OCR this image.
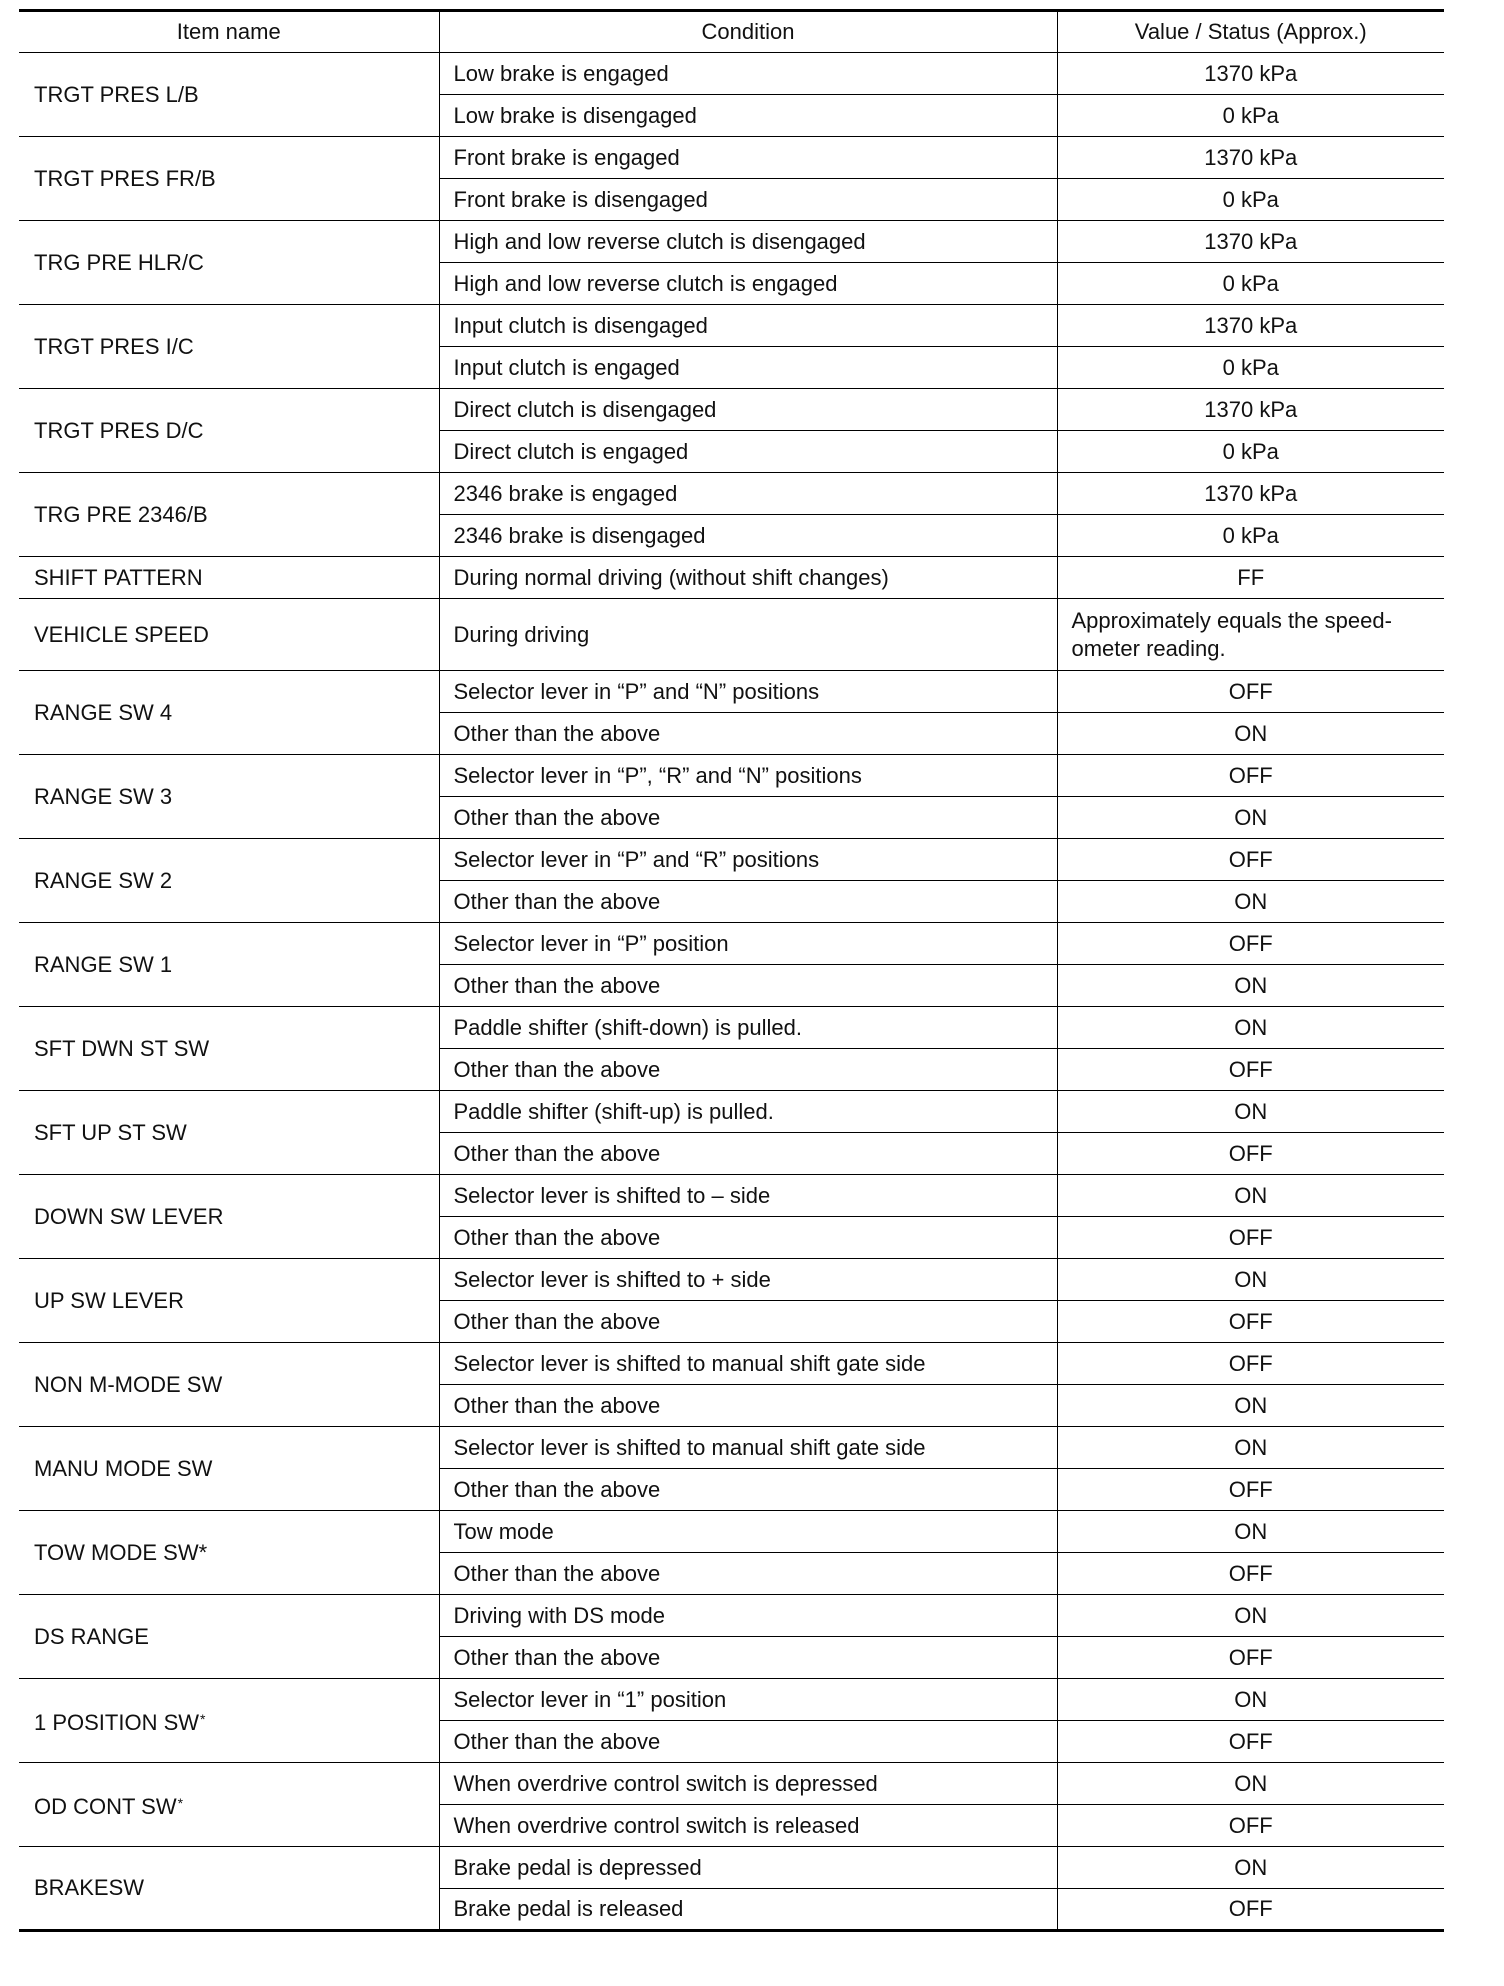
Item name	Condition	Value / Status (Approx.)
TRGT PRES L/B	Low brake is engaged	1370 kPa
	Low brake is disengaged	0 kPa
TRGT PRES FR/B	Front brake is engaged	1370 kPa
	Front brake is disengaged	0 kPa
TRG PRE HLR/C	High and low reverse clutch is disengaged	1370 kPa
	High and low reverse clutch is engaged	0 kPa
TRGT PRES I/C	Input clutch is disengaged	1370 kPa
	Input clutch is engaged	0 kPa
TRGT PRES D/C	Direct clutch is disengaged	1370 kPa
	Direct clutch is engaged	0 kPa
TRG PRE 2346/B	2346 brake is engaged	1370 kPa
	2346 brake is disengaged	0 kPa
SHIFT PATTERN	During normal driving (without shift changes)	FF
VEHICLE SPEED	During driving	Approximately equals the speed-ometer reading.
RANGE SW 4	Selector lever in “P” and “N” positions	OFF
	Other than the above	ON
RANGE SW 3	Selector lever in “P”, “R” and “N” positions	OFF
	Other than the above	ON
RANGE SW 2	Selector lever in “P” and “R” positions	OFF
	Other than the above	ON
RANGE SW 1	Selector lever in “P” position	OFF
	Other than the above	ON
SFT DWN ST SW	Paddle shifter (shift-down) is pulled.	ON
	Other than the above	OFF
SFT UP ST SW	Paddle shifter (shift-up) is pulled.	ON
	Other than the above	OFF
DOWN SW LEVER	Selector lever is shifted to – side	ON
	Other than the above	OFF
UP SW LEVER	Selector lever is shifted to + side	ON
	Other than the above	OFF
NON M-MODE SW	Selector lever is shifted to manual shift gate side	OFF
	Other than the above	ON
MANU MODE SW	Selector lever is shifted to manual shift gate side	ON
	Other than the above	OFF
TOW MODE SW*	Tow mode	ON
	Other than the above	OFF
DS RANGE	Driving with DS mode	ON
	Other than the above	OFF
1 POSITION SW*	Selector lever in “1” position	ON
	Other than the above	OFF
OD CONT SW*	When overdrive control switch is depressed	ON
	When overdrive control switch is released	OFF
BRAKESW	Brake pedal is depressed	ON
	Brake pedal is released	OFF
